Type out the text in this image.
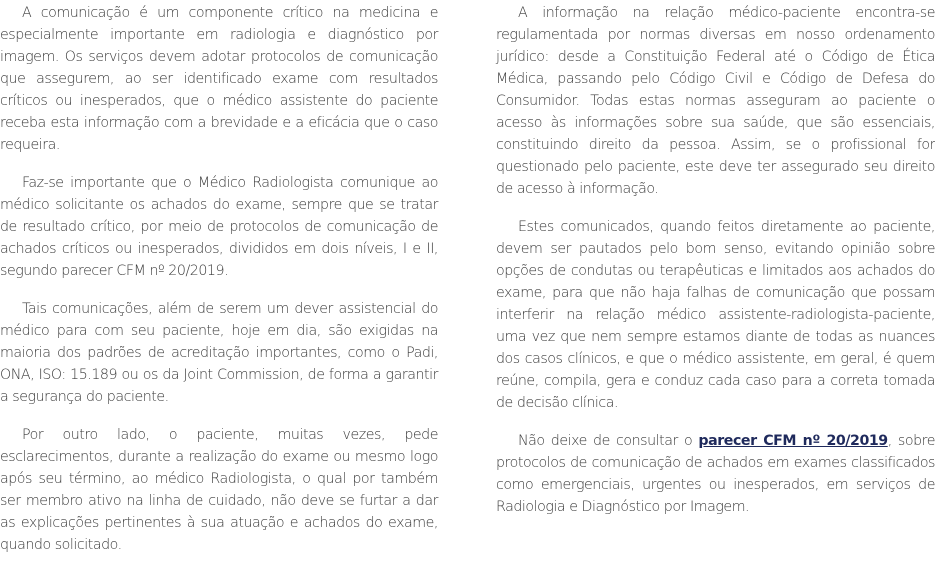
A comunicação é um componente crítico na medicina e especialmente importante em radiologia e diagnóstico por imagem. Os serviços devem adotar protocolos de comunicação que assegurem, ao ser identificado exame com resultados críticos ou inesperados, que o médico assistente do paciente receba esta informação com a brevidade e a eficácia que o caso requeira.

Faz-se importante que o Médico Radiologista comunique ao médico solicitante os achados do exame, sempre que se tratar de resultado crítico, por meio de protocolos de comunicação de achados críticos ou inesperados, divididos em dois níveis, I e II, segundo parecer CFM nº 20/2019.

Tais comunicações, além de serem um dever assistencial do médico para com seu paciente, hoje em dia, são exigidas na maioria dos padrões de acreditação importantes, como o Padi, ONA, ISO: 15.189 ou os da Joint Commission, de forma a garantir a segurança do paciente.

Por outro lado, o paciente, muitas vezes, pede esclarecimentos, durante a realização do exame ou mesmo logo após seu término, ao médico Radiologista, o qual por também ser membro ativo na linha de cuidado, não deve se furtar a dar as explicações pertinentes à sua atuação e achados do exame, quando solicitado.

A informação na relação médico-paciente encontra-se regulamentada por normas diversas em nosso ordenamento jurídico: desde a Constituição Federal até o Código de Ética Médica, passando pelo Código Civil e Código de Defesa do Consumidor. Todas estas normas asseguram ao paciente o acesso às informações sobre sua saúde, que são essenciais, constituindo direito da pessoa. Assim, se o profissional for questionado pelo paciente, este deve ter assegurado seu direito de acesso à informação.

Estes comunicados, quando feitos diretamente ao paciente, devem ser pautados pelo bom senso, evitando opinião sobre opções de condutas ou terapêuticas e limitados aos achados do exame, para que não haja falhas de comunicação que possam interferir na relação médico assistente-radiologista-paciente, uma vez que nem sempre estamos diante de todas as nuances dos casos clínicos, e que o médico assistente, em geral, é quem reúne, compila, gera e conduz cada caso para a correta tomada de decisão clínica.

Não deixe de consultar o parecer CFM nº 20/2019, sobre protocolos de comunicação de achados em exames classificados como emergenciais, urgentes ou inesperados, em serviços de Radiologia e Diagnóstico por Imagem.
